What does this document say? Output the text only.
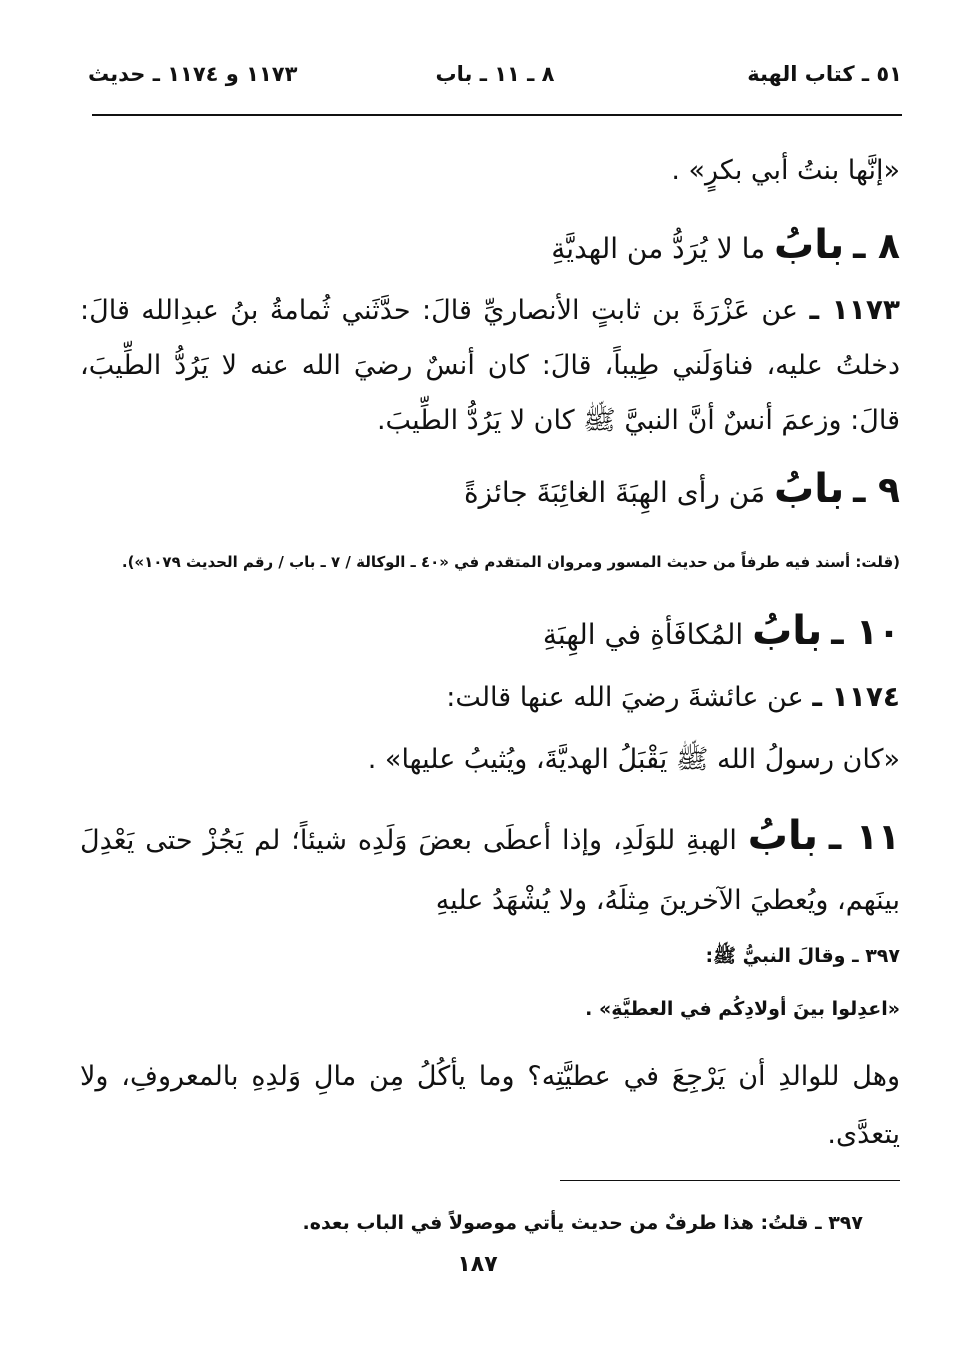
٥١ ـ كتاب الهبة
٨ ـ ١١ ـ باب
١١٧٣ و ١١٧٤ ـ حديث
«إنَّها بنتُ أبي بكرٍ» .
٨ ـ بابُ ما لا يُرَدُّ من الهديَّةِ
١١٧٣ ـ عن عَزْرَةَ بن ثابتٍ الأنصاريِّ قالَ: حدَّثَني ثُمامةُ بنُ عبدِالله قالَ: دخلتُ عليه، فناوَلَني طِيباً، قالَ: كان أنسٌ رضيَ الله عنه لا يَرُدُّ الطِّيبَ، قالَ: وزعمَ أنسٌ أنَّ النبيَّ ﷺ كان لا يَرُدُّ الطِّيبَ.
٩ ـ بابُ مَن رأى الهِبَةَ الغائِبَةَ جائزةً
(قلت: أسند فيه طرفاً من حديث المسور ومروان المتقدم في «٤٠ ـ الوكالة / ٧ ـ باب / رقم الحديث ١٠٧٩»).
١٠ ـ بابُ المُكافَأةِ في الهِبَةِ
١١٧٤ ـ عن عائشةَ رضيَ الله عنها قالت:
«كان رسولُ الله ﷺ يَقْبَلُ الهديَّةَ، ويُثيبُ عليها» .
١١ ـ بابُ الهبةِ للوَلَدِ، وإذا أعطَى بعضَ وَلَدِه شيئاً؛ لم يَجُزْ حتى يَعْدِلَ بينَهم، ويُعطيَ الآخرينَ مِثلَهُ، ولا يُشْهَدُ عليهِ
٣٩٧ ـ وقالَ النبيُّ ﷺ:
«اعدِلوا بينَ أولادِكُم في العطيَّةِ» .
وهل للوالدِ أن يَرْجِعَ في عطيَّتِه؟ وما يأكُلُ مِن مالِ وَلدِهِ بالمعروفِ، ولا يتعدَّى.
٣٩٧ ـ قلتُ: هذا طرفٌ من حديث يأتي موصولاً في الباب بعده.
١٨٧
